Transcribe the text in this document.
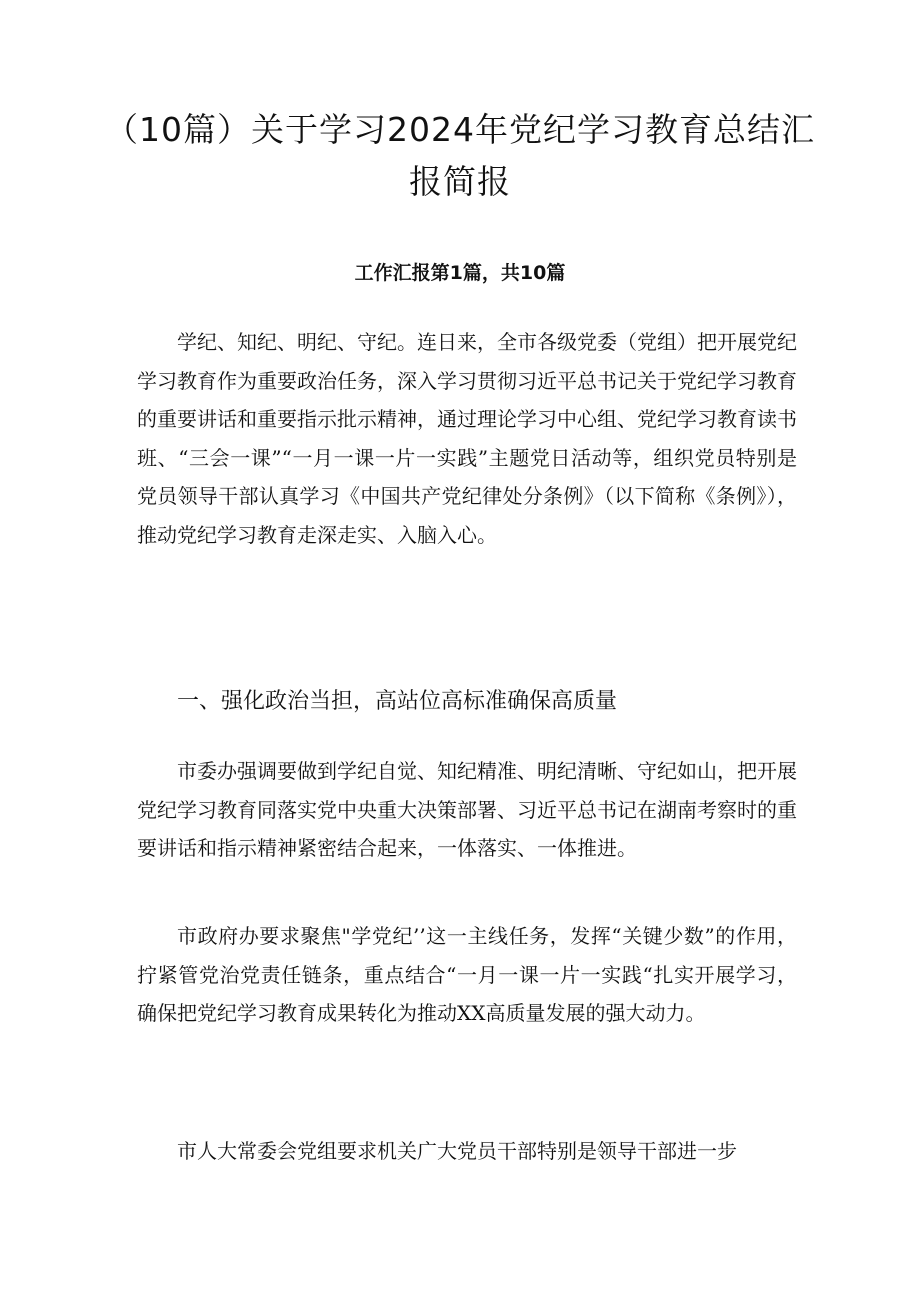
（10篇）关于学习2024年党纪学习教育总结汇报简报
工作汇报第1篇，共10篇

学纪、知纪、明纪、守纪。连日来，全市各级党委（党组）把开展党纪学习教育作为重要政治任务，深入学习贯彻习近平总书记关于党纪学习教育的重要讲话和重要指示批示精神，通过理论学习中心组、党纪学习教育读书班、“三会一课”“一月一课一片一实践”主题党日活动等，组织党员特别是党员领导干部认真学习《中国共产党纪律处分条例》（以下简称《条例》），推动党纪学习教育走深走实、入脑入心。

一、强化政治当担，高站位高标准确保高质量

市委办强调要做到学纪自觉、知纪精准、明纪清晰、守纪如山，把开展党纪学习教育同落实党中央重大决策部署、习近平总书记在湖南考察时的重要讲话和指示精神紧密结合起来，一体落实、一体推进。

市政府办要求聚焦"学党纪’’这一主线任务，发挥“关键少数”的作用，拧紧管党治党责任链条，重点结合“一月一课一片一实践“扎实开展学习，确保把党纪学习教育成果转化为推动XX高质量发展的强大动力。

市人大常委会党组要求机关广大党员干部特别是领导干部进一步
